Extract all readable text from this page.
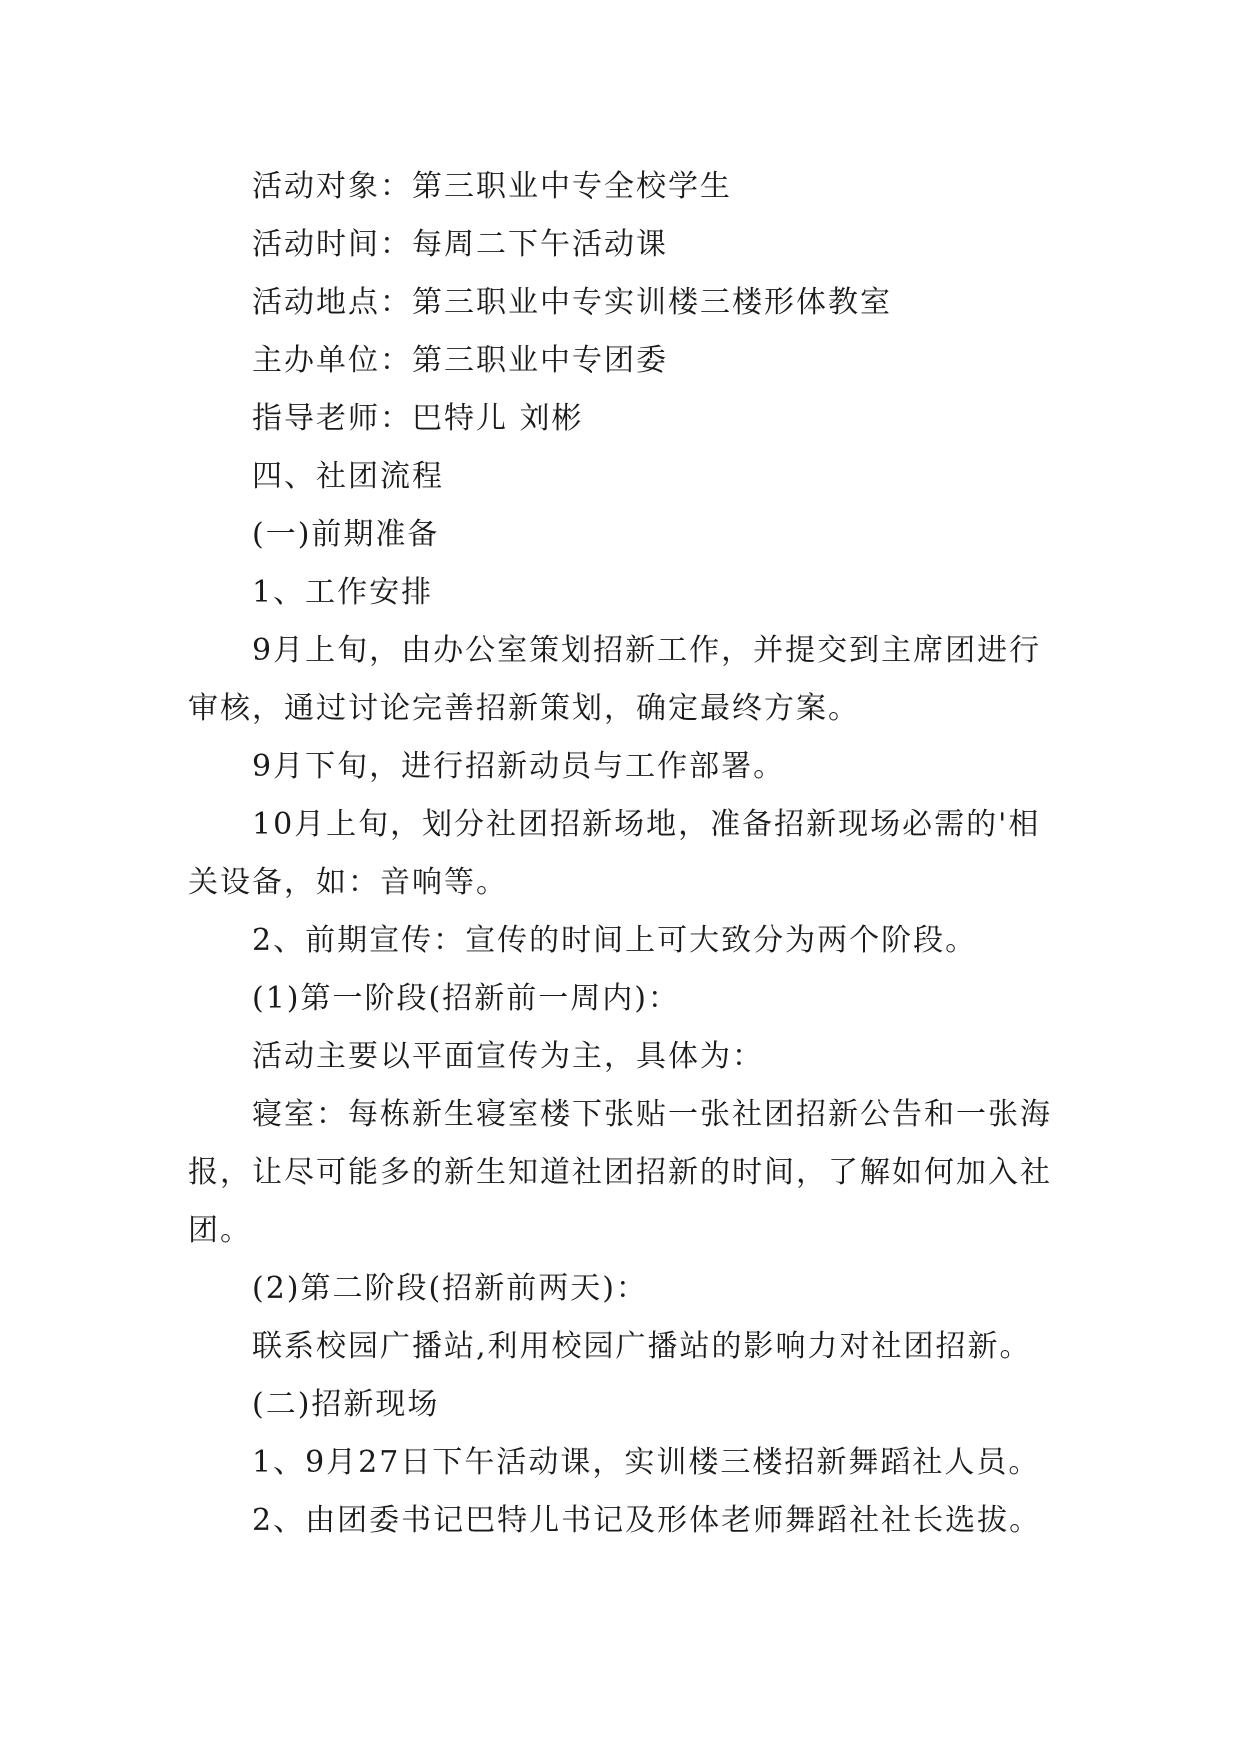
活动对象：第三职业中专全校学生

活动时间：每周二下午活动课

活动地点：第三职业中专实训楼三楼形体教室

主办单位：第三职业中专团委

指导老师：巴特儿 刘彬

四、社团流程

(一)前期准备

1、工作安排

9月上旬，由办公室策划招新工作，并提交到主席团进行审核，通过讨论完善招新策划，确定最终方案。

9月下旬，进行招新动员与工作部署。

10月上旬，划分社团招新场地，准备招新现场必需的'相关设备，如：音响等。

2、前期宣传：宣传的时间上可大致分为两个阶段。

(1)第一阶段(招新前一周内)：

活动主要以平面宣传为主，具体为：

寝室：每栋新生寝室楼下张贴一张社团招新公告和一张海报，让尽可能多的新生知道社团招新的时间，了解如何加入社团。

(2)第二阶段(招新前两天)：

联系校园广播站,利用校园广播站的影响力对社团招新。

(二)招新现场

1、9月27日下午活动课，实训楼三楼招新舞蹈社人员。

2、由团委书记巴特儿书记及形体老师舞蹈社社长选拔。
